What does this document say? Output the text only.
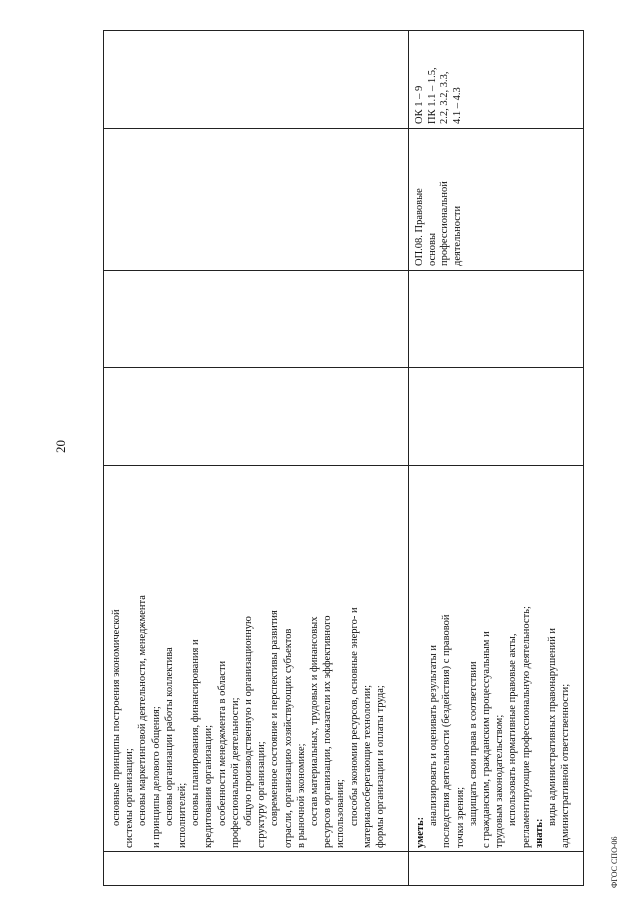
20
ФГОС СПО-06
основные принципы построения экономической системы организации; основы маркетинговой деятельности, менеджмента и принципы делового общения; основы организации работы коллектива исполнителей; основы планирования, финансирования и кредитования организации; особенности менеджмента в области профессиональной деятельности; общую производственную и организационную структуру организации; современное состояние и перспективы развития отрасли, организацию хозяйствующих субъектов в рыночной экономике; состав материальных, трудовых и финансовых ресурсов организации, показатели их эффективного использования; способы экономии ресурсов, основные энерго- и материалосберегающие технологии; формы организации и оплаты труда;	уметь:
анализировать и оценивать результаты и последствия деятельности (бездействия) с правовой точки зрения; защищать свои права в соответствии с гражданским, гражданским процессуальным и трудовым законодательством; использовать нормативные правовые акты, регламентирующие профессиональную деятельность; знать:
виды административных правонарушений и административной ответственности;
ОК 1 – 9 ПК 1.1 – 1.5, 2.2, 3.2, 3.3, 4.1 – 4.3
ОП.08. Правовые основы профессиональной деятельности
